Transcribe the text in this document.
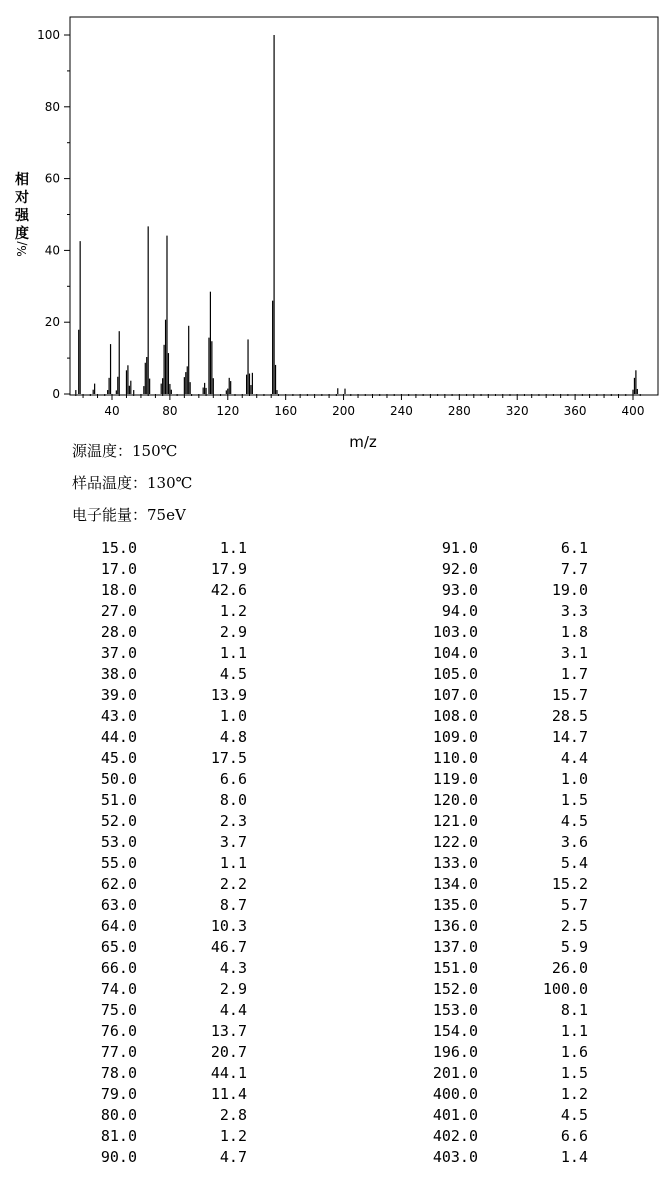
0
20
40
60
80
100
40	80	120	160	200	240	280	320	360	400
m/z
相
对
强
度
%/
源温度：150℃
样品温度：130℃
电子能量：75eV
15.0	1.1
17.0	17.9
18.0	42.6
27.0	1.2
28.0	2.9
37.0	1.1
38.0	4.5
39.0	13.9
43.0	1.0
44.0	4.8
45.0	17.5
50.0	6.6
51.0	8.0
52.0	2.3
53.0	3.7
55.0	1.1
62.0	2.2
63.0	8.7
64.0	10.3
65.0	46.7
66.0	4.3
74.0	2.9
75.0	4.4
76.0	13.7
77.0	20.7
78.0	44.1
79.0	11.4
80.0	2.8
81.0	1.2
90.0	4.7
91.0	6.1
92.0	7.7
93.0	19.0
94.0	3.3
103.0	1.8
104.0	3.1
105.0	1.7
107.0	15.7
108.0	28.5
109.0	14.7
110.0	4.4
119.0	1.0
120.0	1.5
121.0	4.5
122.0	3.6
133.0	5.4
134.0	15.2
135.0	5.7
136.0	2.5
137.0	5.9
151.0	26.0
152.0	100.0
153.0	8.1
154.0	1.1
196.0	1.6
201.0	1.5
400.0	1.2
401.0	4.5
402.0	6.6
403.0	1.4
